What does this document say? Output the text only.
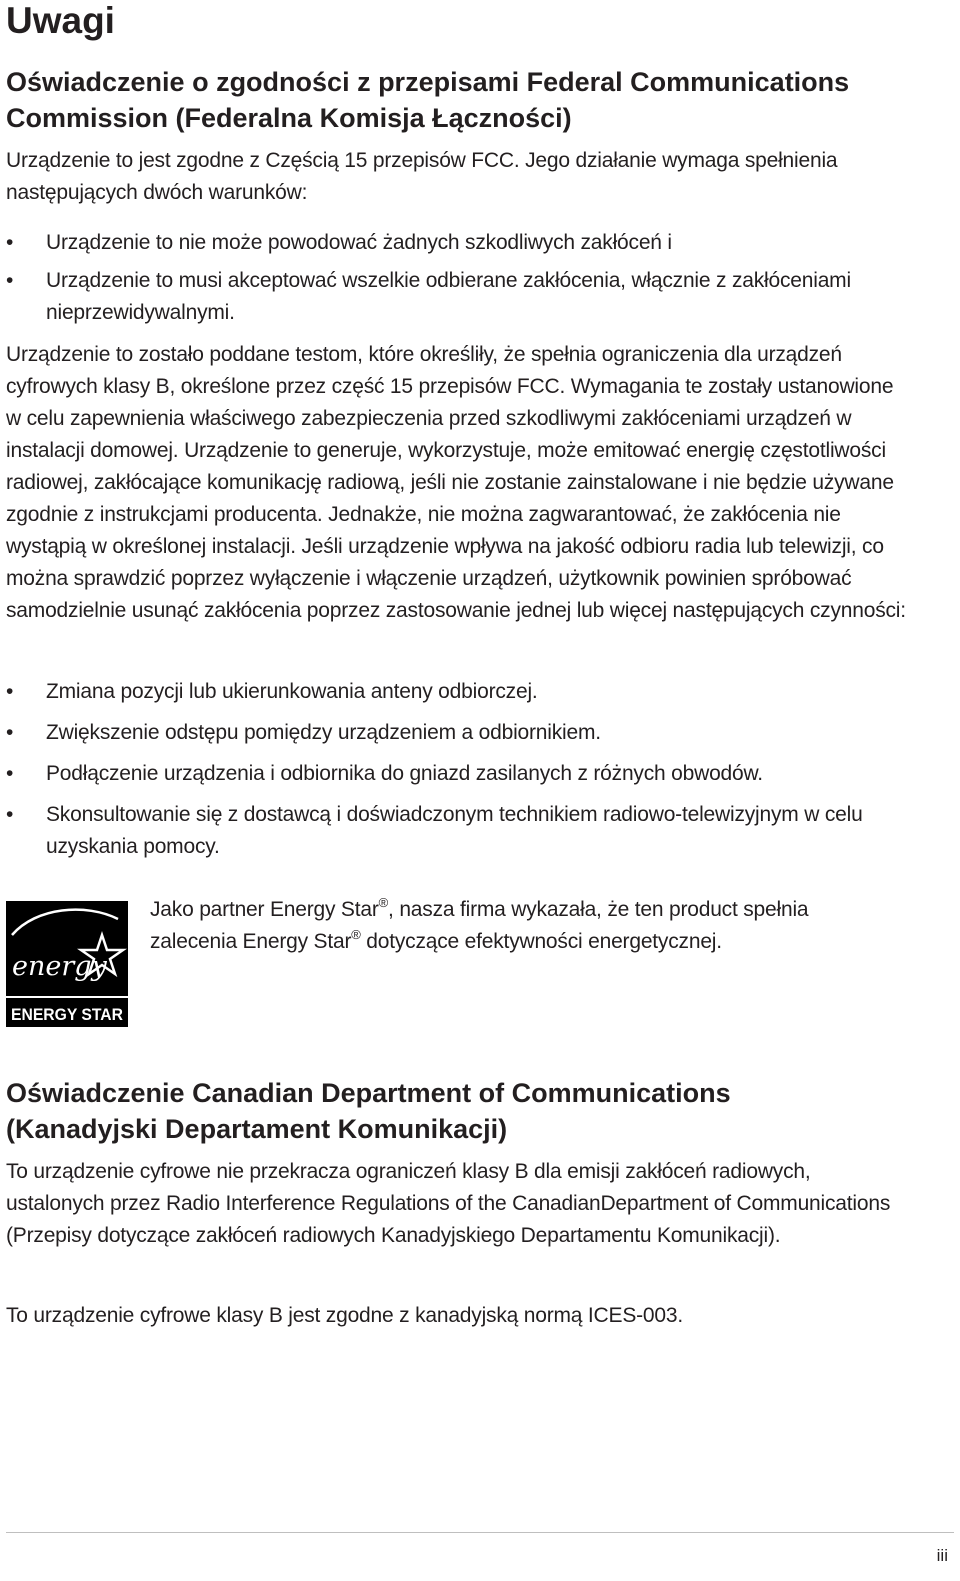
Uwagi
Oświadczenie o zgodności z przepisami Federal Communications Commission (Federalna Komisja Łączności)

Urządzenie to jest zgodne z Częścią 15 przepisów FCC. Jego działanie wymaga spełnienia następujących dwóch warunków:

• Urządzenie to nie może powodować żadnych szkodliwych zakłóceń i
• Urządzenie to musi akceptować wszelkie odbierane zakłócenia, włącznie z zakłóceniami nieprzewidywalnymi.

Urządzenie to zostało poddane testom, które określiły, że spełnia ograniczenia dla urządzeń cyfrowych klasy B, określone przez część 15 przepisów FCC. Wymagania te zostały ustanowione w celu zapewnienia właściwego zabezpieczenia przed szkodliwymi zakłóceniami urządzeń w instalacji domowej. Urządzenie to generuje, wykorzystuje, może emitować energię częstotliwości radiowej, zakłócające komunikację radiową, jeśli nie zostanie zainstalowane i nie będzie używane zgodnie z instrukcjami producenta. Jednakże, nie można zagwarantować, że zakłócenia nie wystąpią w określonej instalacji. Jeśli urządzenie wpływa na jakość odbioru radia lub telewizji, co można sprawdzić poprzez wyłączenie i włączenie urządzeń, użytkownik powinien spróbować samodzielnie usunąć zakłócenia poprzez zastosowanie jednej lub więcej następujących czynności:

• Zmiana pozycji lub ukierunkowania anteny odbiorczej.
• Zwiększenie odstępu pomiędzy urządzeniem a odbiornikiem.
• Podłączenie urządzenia i odbiornika do gniazd zasilanych z różnych obwodów.
• Skonsultowanie się z dostawcą i doświadczonym technikiem radiowo-telewizyjnym w celu uzyskania pomocy.
energy
ENERGY STAR

Jako partner Energy Star®, nasza firma wykazała, że ten product spełnia
zalecenia Energy Star® dotyczące efektywności energetycznej.

Oświadczenie Canadian Department of Communications (Kanadyjski Departament Komunikacji)

To urządzenie cyfrowe nie przekracza ograniczeń klasy B dla emisji zakłóceń radiowych, ustalonych przez Radio Interference Regulations of the CanadianDepartment of Communications (Przepisy dotyczące zakłóceń radiowych Kanadyjskiego Departamentu Komunikacji).

To urządzenie cyfrowe klasy B jest zgodne z kanadyjską normą ICES-003.

iii
